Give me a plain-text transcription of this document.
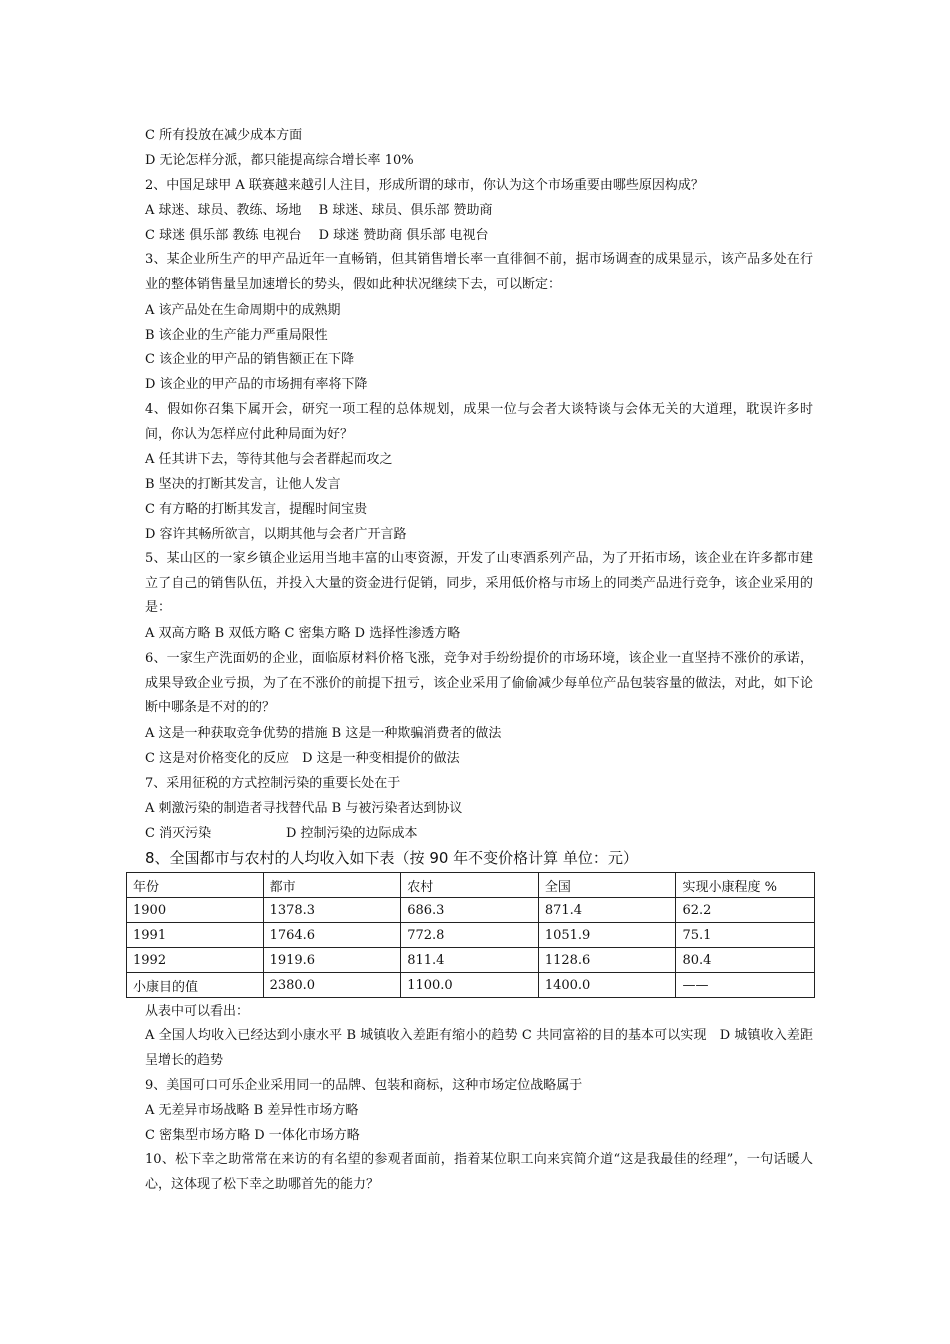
C 所有投放在减少成本方面
D 无论怎样分派，都只能提高综合增长率 10%
2、中国足球甲 A 联赛越来越引人注目，形成所谓的球市，你认为这个市场重要由哪些原因构成？
A 球迷、球员、教练、场地　 B 球迷、球员、俱乐部 赞助商
C 球迷 俱乐部 教练 电视台　 D 球迷 赞助商 俱乐部 电视台
3、某企业所生产的甲产品近年一直畅销，但其销售增长率一直徘徊不前，据市场调查的成果显示，该产品多处在行业的整体销售量呈加速增长的势头，假如此种状况继续下去，可以断定：
A 该产品处在生命周期中的成熟期
B 该企业的生产能力严重局限性
C 该企业的甲产品的销售额正在下降
D 该企业的甲产品的市场拥有率将下降
4、假如你召集下属开会，研究一项工程的总体规划，成果一位与会者大谈特谈与会体无关的大道理，耽误许多时间，你认为怎样应付此种局面为好？
A 任其讲下去，等待其他与会者群起而攻之
B 坚决的打断其发言，让他人发言
C 有方略的打断其发言，提醒时间宝贵
D 容许其畅所欲言，以期其他与会者广开言路
5、某山区的一家乡镇企业运用当地丰富的山枣资源，开发了山枣酒系列产品，为了开拓市场，该企业在许多都市建立了自己的销售队伍，并投入大量的资金进行促销，同步，采用低价格与市场上的同类产品进行竞争，该企业采用的是：
A 双高方略 B 双低方略 C 密集方略 D 选择性渗透方略
6、一家生产洗面奶的企业，面临原材料价格飞涨，竞争对手纷纷提价的市场环境，该企业一直坚持不涨价的承诺，成果导致企业亏损，为了在不涨价的前提下扭亏，该企业采用了偷偷减少每单位产品包装容量的做法，对此，如下论断中哪条是不对的的？
A 这是一种获取竞争优势的措施 B 这是一种欺骗消费者的做法
C 这是对价格变化的反应　D 这是一种变相提价的做法
7、采用征税的方式控制污染的重要长处在于
A 刺激污染的制造者寻找替代品 B 与被污染者达到协议
C 消灭污染	D 控制污染的边际成本
8、全国都市与农村的人均收入如下表（按 90 年不变价格计算 单位：元）
年份	都市	农村	全国	实现小康程度 %
1900	1378.3	686.3	871.4	62.2
1991	1764.6	772.8	1051.9	75.1
1992	1919.6	811.4	1128.6	80.4
小康目的值	2380.0	1100.0	1400.0	——
从表中可以看出：
A 全国人均收入已经达到小康水平 B 城镇收入差距有缩小的趋势 C 共同富裕的目的基本可以实现　D 城镇收入差距呈增长的趋势
9、美国可口可乐企业采用同一的品牌、包装和商标，这种市场定位战略属于
A 无差异市场战略 B 差异性市场方略
C 密集型市场方略 D 一体化市场方略
10、松下幸之助常常在来访的有名望的参观者面前，指着某位职工向来宾简介道“这是我最佳的经理”，一句话暖人心，这体现了松下幸之助哪首先的能力？
